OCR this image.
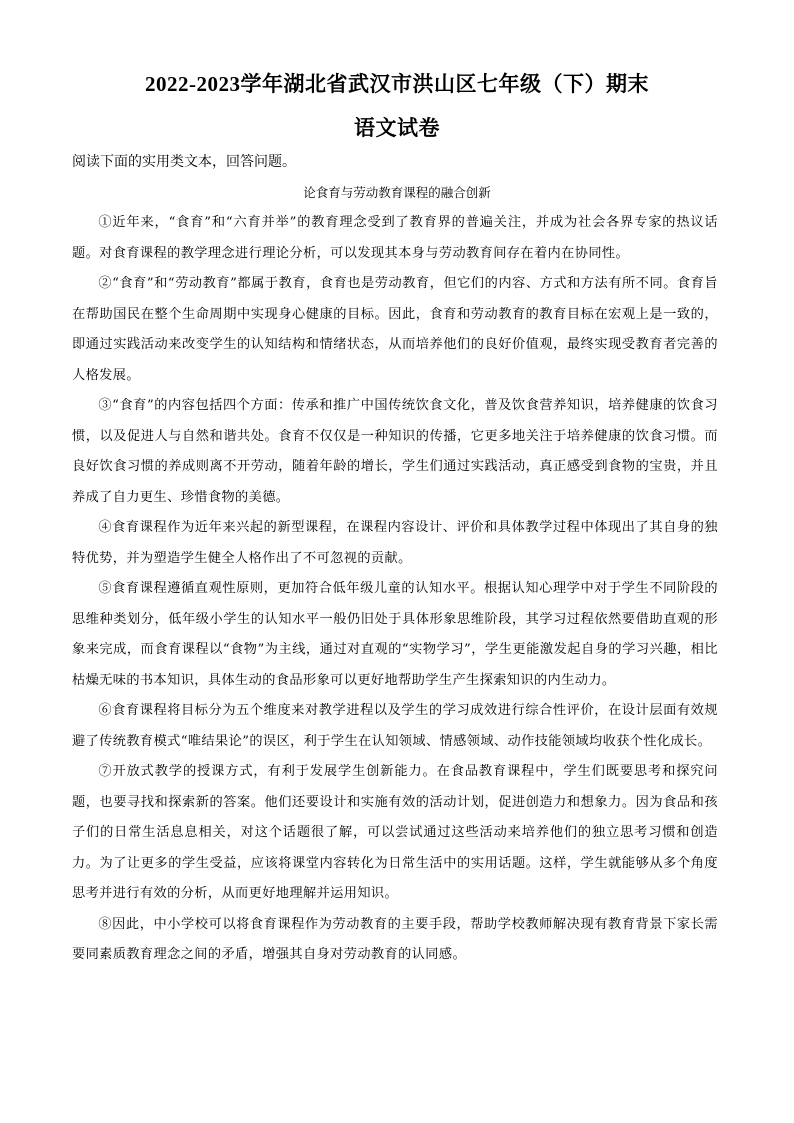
2022-2023学年湖北省武汉市洪山区七年级（下）期末
语文试卷
阅读下面的实用类文本，回答问题。
论食育与劳动教育课程的融合创新

①近年来，“食育”和“六育并举”的教育理念受到了教育界的普遍关注，并成为社会各界专家的热议话题。对食育课程的教学理念进行理论分析，可以发现其本身与劳动教育间存在着内在协同性。

②“食育”和“劳动教育”都属于教育，食育也是劳动教育，但它们的内容、方式和方法有所不同。食育旨在帮助国民在整个生命周期中实现身心健康的目标。因此，食育和劳动教育的教育目标在宏观上是一致的，即通过实践活动来改变学生的认知结构和情绪状态，从而培养他们的良好价值观，最终实现受教育者完善的人格发展。

③“食育”的内容包括四个方面：传承和推广中国传统饮食文化，普及饮食营养知识，培养健康的饮食习惯，以及促进人与自然和谐共处。食育不仅仅是一种知识的传播，它更多地关注于培养健康的饮食习惯。而良好饮食习惯的养成则离不开劳动，随着年龄的增长，学生们通过实践活动，真正感受到食物的宝贵，并且养成了自力更生、珍惜食物的美德。

④食育课程作为近年来兴起的新型课程，在课程内容设计、评价和具体教学过程中体现出了其自身的独特优势，并为塑造学生健全人格作出了不可忽视的贡献。

⑤食育课程遵循直观性原则，更加符合低年级儿童的认知水平。根据认知心理学中对于学生不同阶段的思维种类划分，低年级小学生的认知水平一般仍旧处于具体形象思维阶段，其学习过程依然要借助直观的形象来完成，而食育课程以“食物”为主线，通过对直观的“实物学习”，学生更能激发起自身的学习兴趣，相比枯燥无味的书本知识，具体生动的食品形象可以更好地帮助学生产生探索知识的内生动力。

⑥食育课程将目标分为五个维度来对教学进程以及学生的学习成效进行综合性评价，在设计层面有效规避了传统教育模式“唯结果论”的误区，利于学生在认知领域、情感领域、动作技能领域均收获个性化成长。

⑦开放式教学的授课方式，有利于发展学生创新能力。在食品教育课程中，学生们既要思考和探究问题，也要寻找和探索新的答案。他们还要设计和实施有效的活动计划，促进创造力和想象力。因为食品和孩子们的日常生活息息相关，对这个话题很了解，可以尝试通过这些活动来培养他们的独立思考习惯和创造力。为了让更多的学生受益，应该将课堂内容转化为日常生活中的实用话题。这样，学生就能够从多个角度思考并进行有效的分析，从而更好地理解并运用知识。

⑧因此，中小学校可以将食育课程作为劳动教育的主要手段，帮助学校教师解决现有教育背景下家长需要同素质教育理念之间的矛盾，增强其自身对劳动教育的认同感。
